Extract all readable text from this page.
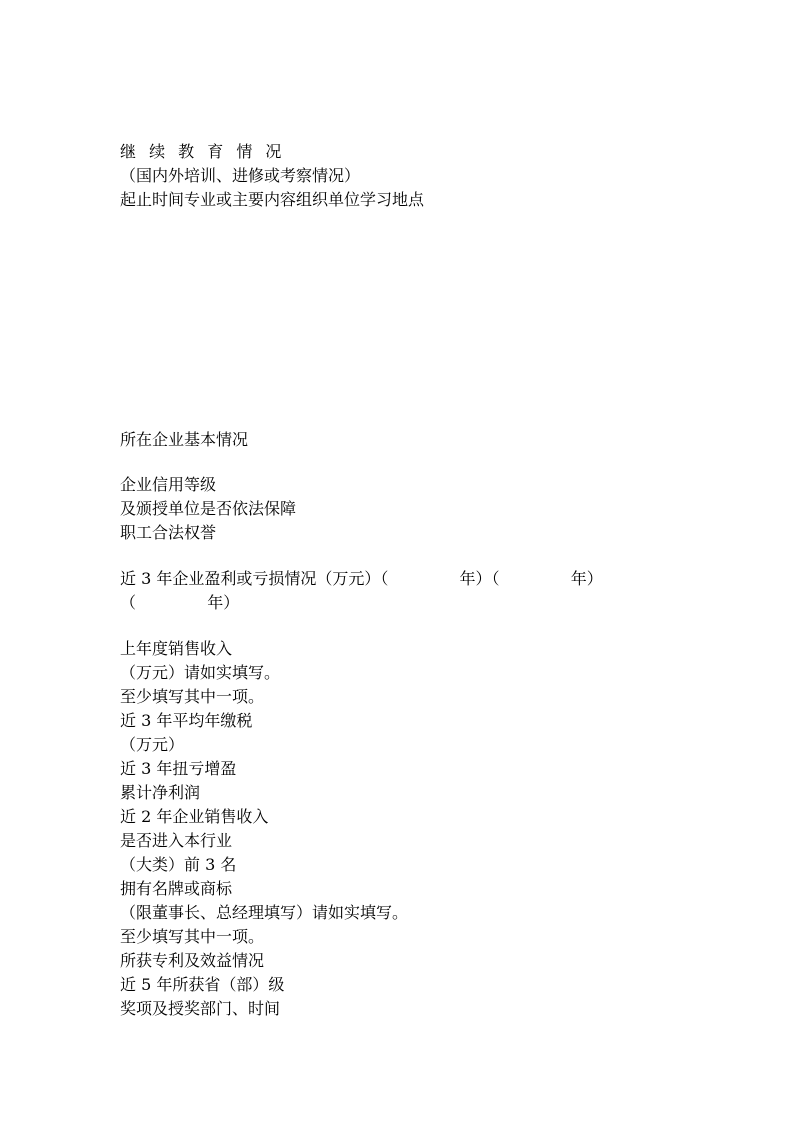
继 续 教 育 情 况
（国内外培训、进修或考察情况）
起止时间专业或主要内容组织单位学习地点
所在企业基本情况
企业信用等级
及颁授单位是否依法保障
职工合法权誉
近 3 年企业盈利或亏损情况（万元）（              年）（              年）
（              年）
上年度销售收入
（万元）请如实填写。
至少填写其中一项。
近 3 年平均年缴税
（万元）
近 3 年扭亏增盈
累计净利润
近 2 年企业销售收入
是否进入本行业
（大类）前 3 名
拥有名牌或商标
（限董事长、总经理填写）请如实填写。
至少填写其中一项。
所获专利及效益情况
近 5 年所获省（部）级
奖项及授奖部门、时间
